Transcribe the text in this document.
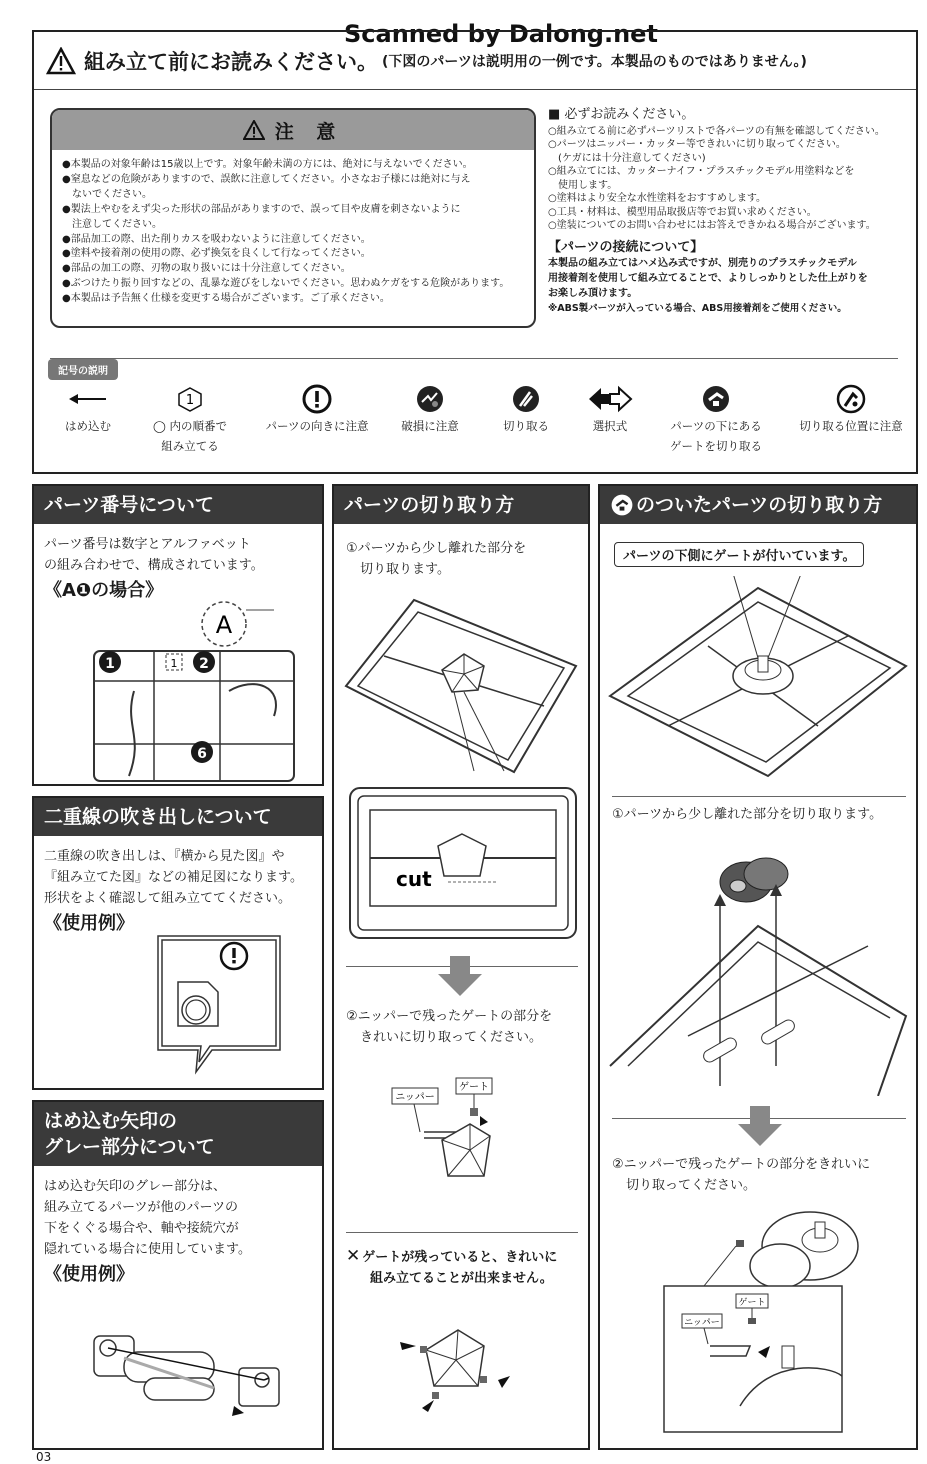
Scanned by Dalong.net
組み立て前にお読みください。 (下図のパーツは説明用の一例です。本製品のものではありません。)
注 意
●本製品の対象年齢は15歳以上です。対象年齢未満の方には、絶対に与えないでください。
●窒息などの危険がありますので、誤飲に注意してください。小さなお子様には絶対に与え
　ないでください。
●製法上やむをえず尖った形状の部品がありますので、誤って目や皮膚を刺さないように
　注意してください。
●部品加工の際、出た削りカスを吸わないように注意してください。
●塗料や接着剤の使用の際、必ず換気を良くして行なってください。
●部品の加工の際、刃物の取り扱いには十分注意してください。
●ぶつけたり振り回すなどの、乱暴な遊びをしないでください。思わぬケガをする危険があります。
●本製品は予告無く仕様を変更する場合がございます。ご了承ください。
■ 必ずお読みください。
○組み立てる前に必ずパーツリストで各パーツの有無を確認してください。
○パーツはニッパー・カッター等できれいに切り取ってください。
　(ケガには十分注意してください)
○組み立てには、カッターナイフ・プラスチックモデル用塗料などを
　使用します。
○塗料はより安全な水性塗料をおすすめします。
○工具・材料は、模型用品取扱店等でお買い求めください。
○塗装についてのお問い合わせにはお答えできかねる場合がございます。
【パーツの接続について】
本製品の組み立てはハメ込み式ですが、別売りのプラスチックモデル
用接着剤を使用して組み立てることで、よりしっかりとした仕上がりを
お楽しみ頂けます。
※ABS製パーツが入っている場合、ABS用接着剤をご使用ください。
記号の説明
はめ込む
1
◯ 内の順番で
組み立てる
パーツの向きに注意	破損に注意	切り取る	選択式	パーツの下にある
ゲートを切り取る
切り取る位置に注意
パーツ番号について
パーツ番号は数字とアルファベット
の組み合わせで、構成されています。
《A❶の場合》
A
1	1 2
6
二重線の吹き出しについて
二重線の吹き出しは、『横から見た図』や
『組み立てた図』などの補足図になります。
形状をよく確認して組み立ててください。
《使用例》
はめ込む矢印の
グレー部分について
はめ込む矢印のグレー部分は、
組み立てるパーツが他のパーツの
下をくぐる場合や、軸や接続穴が
隠れている場合に使用しています。
《使用例》
パーツの切り取り方
①パーツから少し離れた部分を
切り取ります。
cut
②ニッパーで残ったゲートの部分を
きれいに切り取ってください。
ニッパー
ゲート
✕ ゲートが残っていると、きれいに
組み立てることが出来ません。
のついたパーツの切り取り方
パーツの下側にゲートが付いています。
①パーツから少し離れた部分を切り取ります。
②ニッパーで残ったゲートの部分をきれいに
切り取ってください。
ゲート
ニッパー
03
